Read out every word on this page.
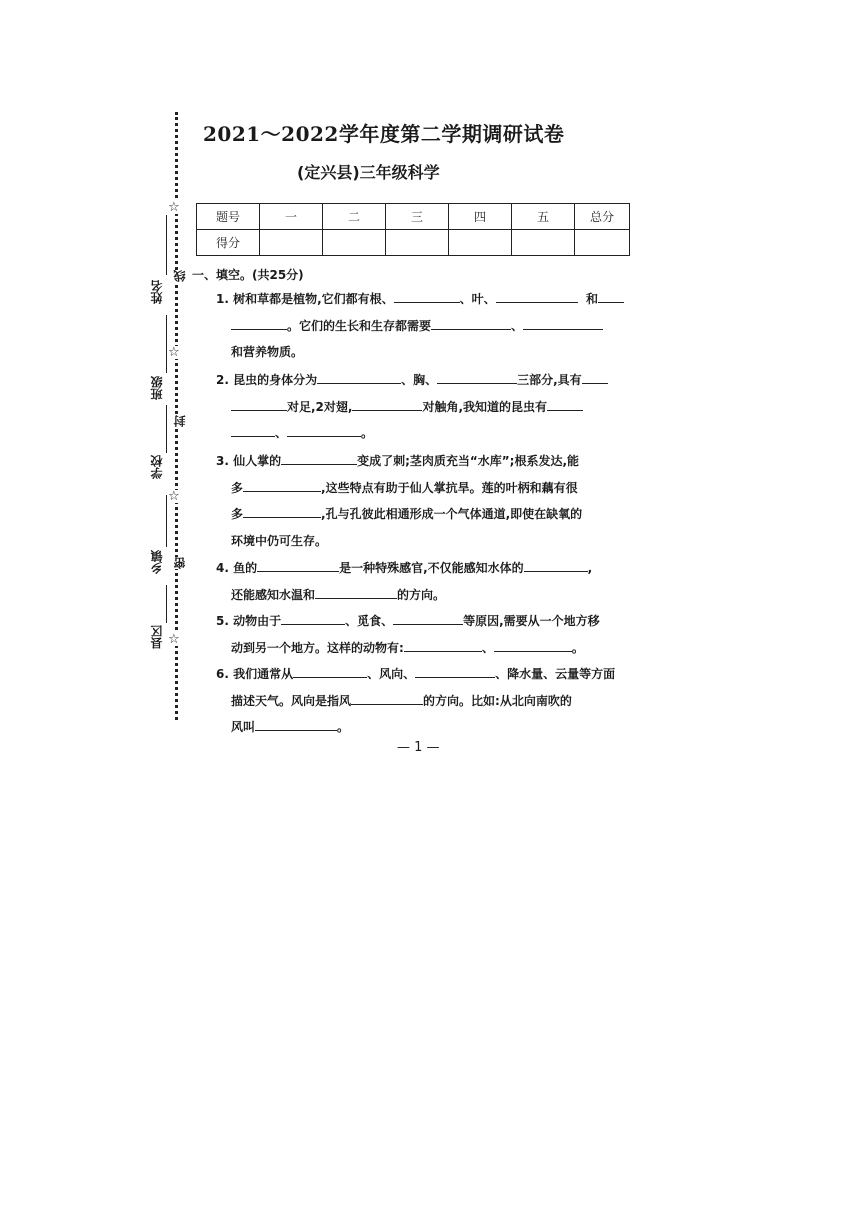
☆
☆
☆
☆
线
封
密
姓名
班级
学校
乡镇
县区
2021～2022学年度第二学期调研试卷
(定兴县)三年级科学
题号	一	二	三	四	五	总分
得分						
一、填空。(共25分)
1. 树和草都是植物,它们都有根、	、叶、	和
。它们的生长和生存都需要	、
和营养物质。
2. 昆虫的身体分为	、胸、	三部分,具有
对足,2对翅,	对触角,我知道的昆虫有
、	。
3. 仙人掌的	变成了刺;茎肉质充当“水库”;根系发达,能
多	,这些特点有助于仙人掌抗旱。莲的叶柄和藕有很
多	,孔与孔彼此相通形成一个气体通道,即使在缺氧的
环境中仍可生存。
4. 鱼的	是一种特殊感官,不仅能感知水体的	,
还能感知水温和	的方向。
5. 动物由于	、觅食、	等原因,需要从一个地方移
动到另一个地方。这样的动物有:	、	。
6. 我们通常从	、风向、	、降水量、云量等方面
描述天气。风向是指风	的方向。比如:从北向南吹的
风叫	。
— 1 —
